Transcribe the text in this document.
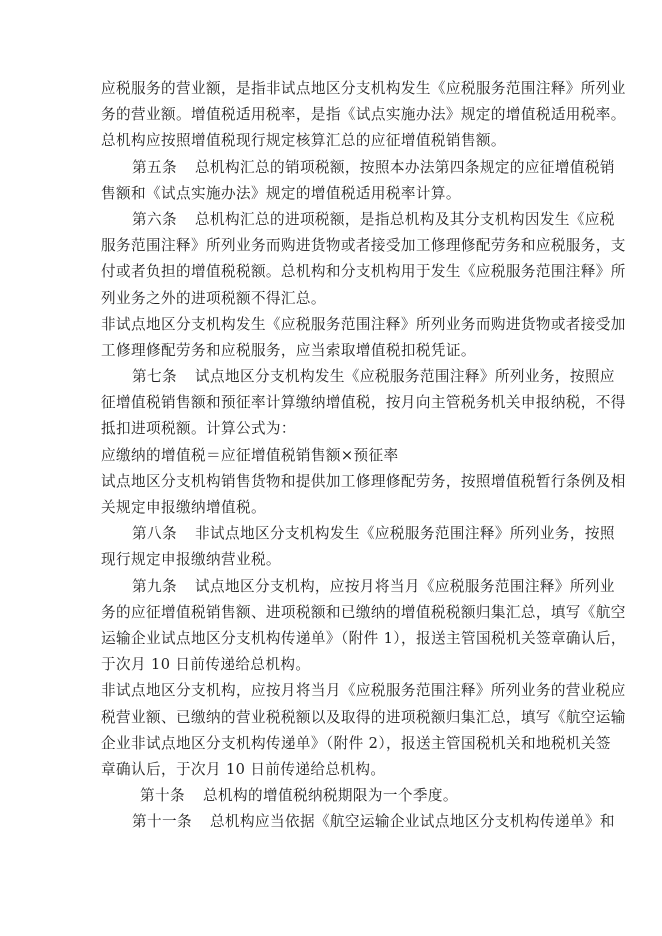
应税服务的营业额，是指非试点地区分支机构发生《应税服务范围注释》所列业
务的营业额。增值税适用税率，是指《试点实施办法》规定的增值税适用税率。
总机构应按照增值税现行规定核算汇总的应征增值税销售额。
第五条 总机构汇总的销项税额，按照本办法第四条规定的应征增值税销
售额和《试点实施办法》规定的增值税适用税率计算。
第六条 总机构汇总的进项税额，是指总机构及其分支机构因发生《应税
服务范围注释》所列业务而购进货物或者接受加工修理修配劳务和应税服务，支
付或者负担的增值税税额。总机构和分支机构用于发生《应税服务范围注释》所
列业务之外的进项税额不得汇总。
非试点地区分支机构发生《应税服务范围注释》所列业务而购进货物或者接受加
工修理修配劳务和应税服务，应当索取增值税扣税凭证。
第七条 试点地区分支机构发生《应税服务范围注释》所列业务，按照应
征增值税销售额和预征率计算缴纳增值税，按月向主管税务机关申报纳税，不得
抵扣进项税额。计算公式为：
应缴纳的增值税＝应征增值税销售额×预征率
试点地区分支机构销售货物和提供加工修理修配劳务，按照增值税暂行条例及相
关规定申报缴纳增值税。
第八条 非试点地区分支机构发生《应税服务范围注释》所列业务，按照
现行规定申报缴纳营业税。
第九条 试点地区分支机构，应按月将当月《应税服务范围注释》所列业
务的应征增值税销售额、进项税额和已缴纳的增值税税额归集汇总，填写《航空
运输企业试点地区分支机构传递单》（附件 1），报送主管国税机关签章确认后，
于次月 10 日前传递给总机构。
非试点地区分支机构，应按月将当月《应税服务范围注释》所列业务的营业税应
税营业额、已缴纳的营业税税额以及取得的进项税额归集汇总，填写《航空运输
企业非试点地区分支机构传递单》（附件 2），报送主管国税机关和地税机关签
章确认后，于次月 10 日前传递给总机构。
第十条 总机构的增值税纳税期限为一个季度。
第十一条 总机构应当依据《航空运输企业试点地区分支机构传递单》和
